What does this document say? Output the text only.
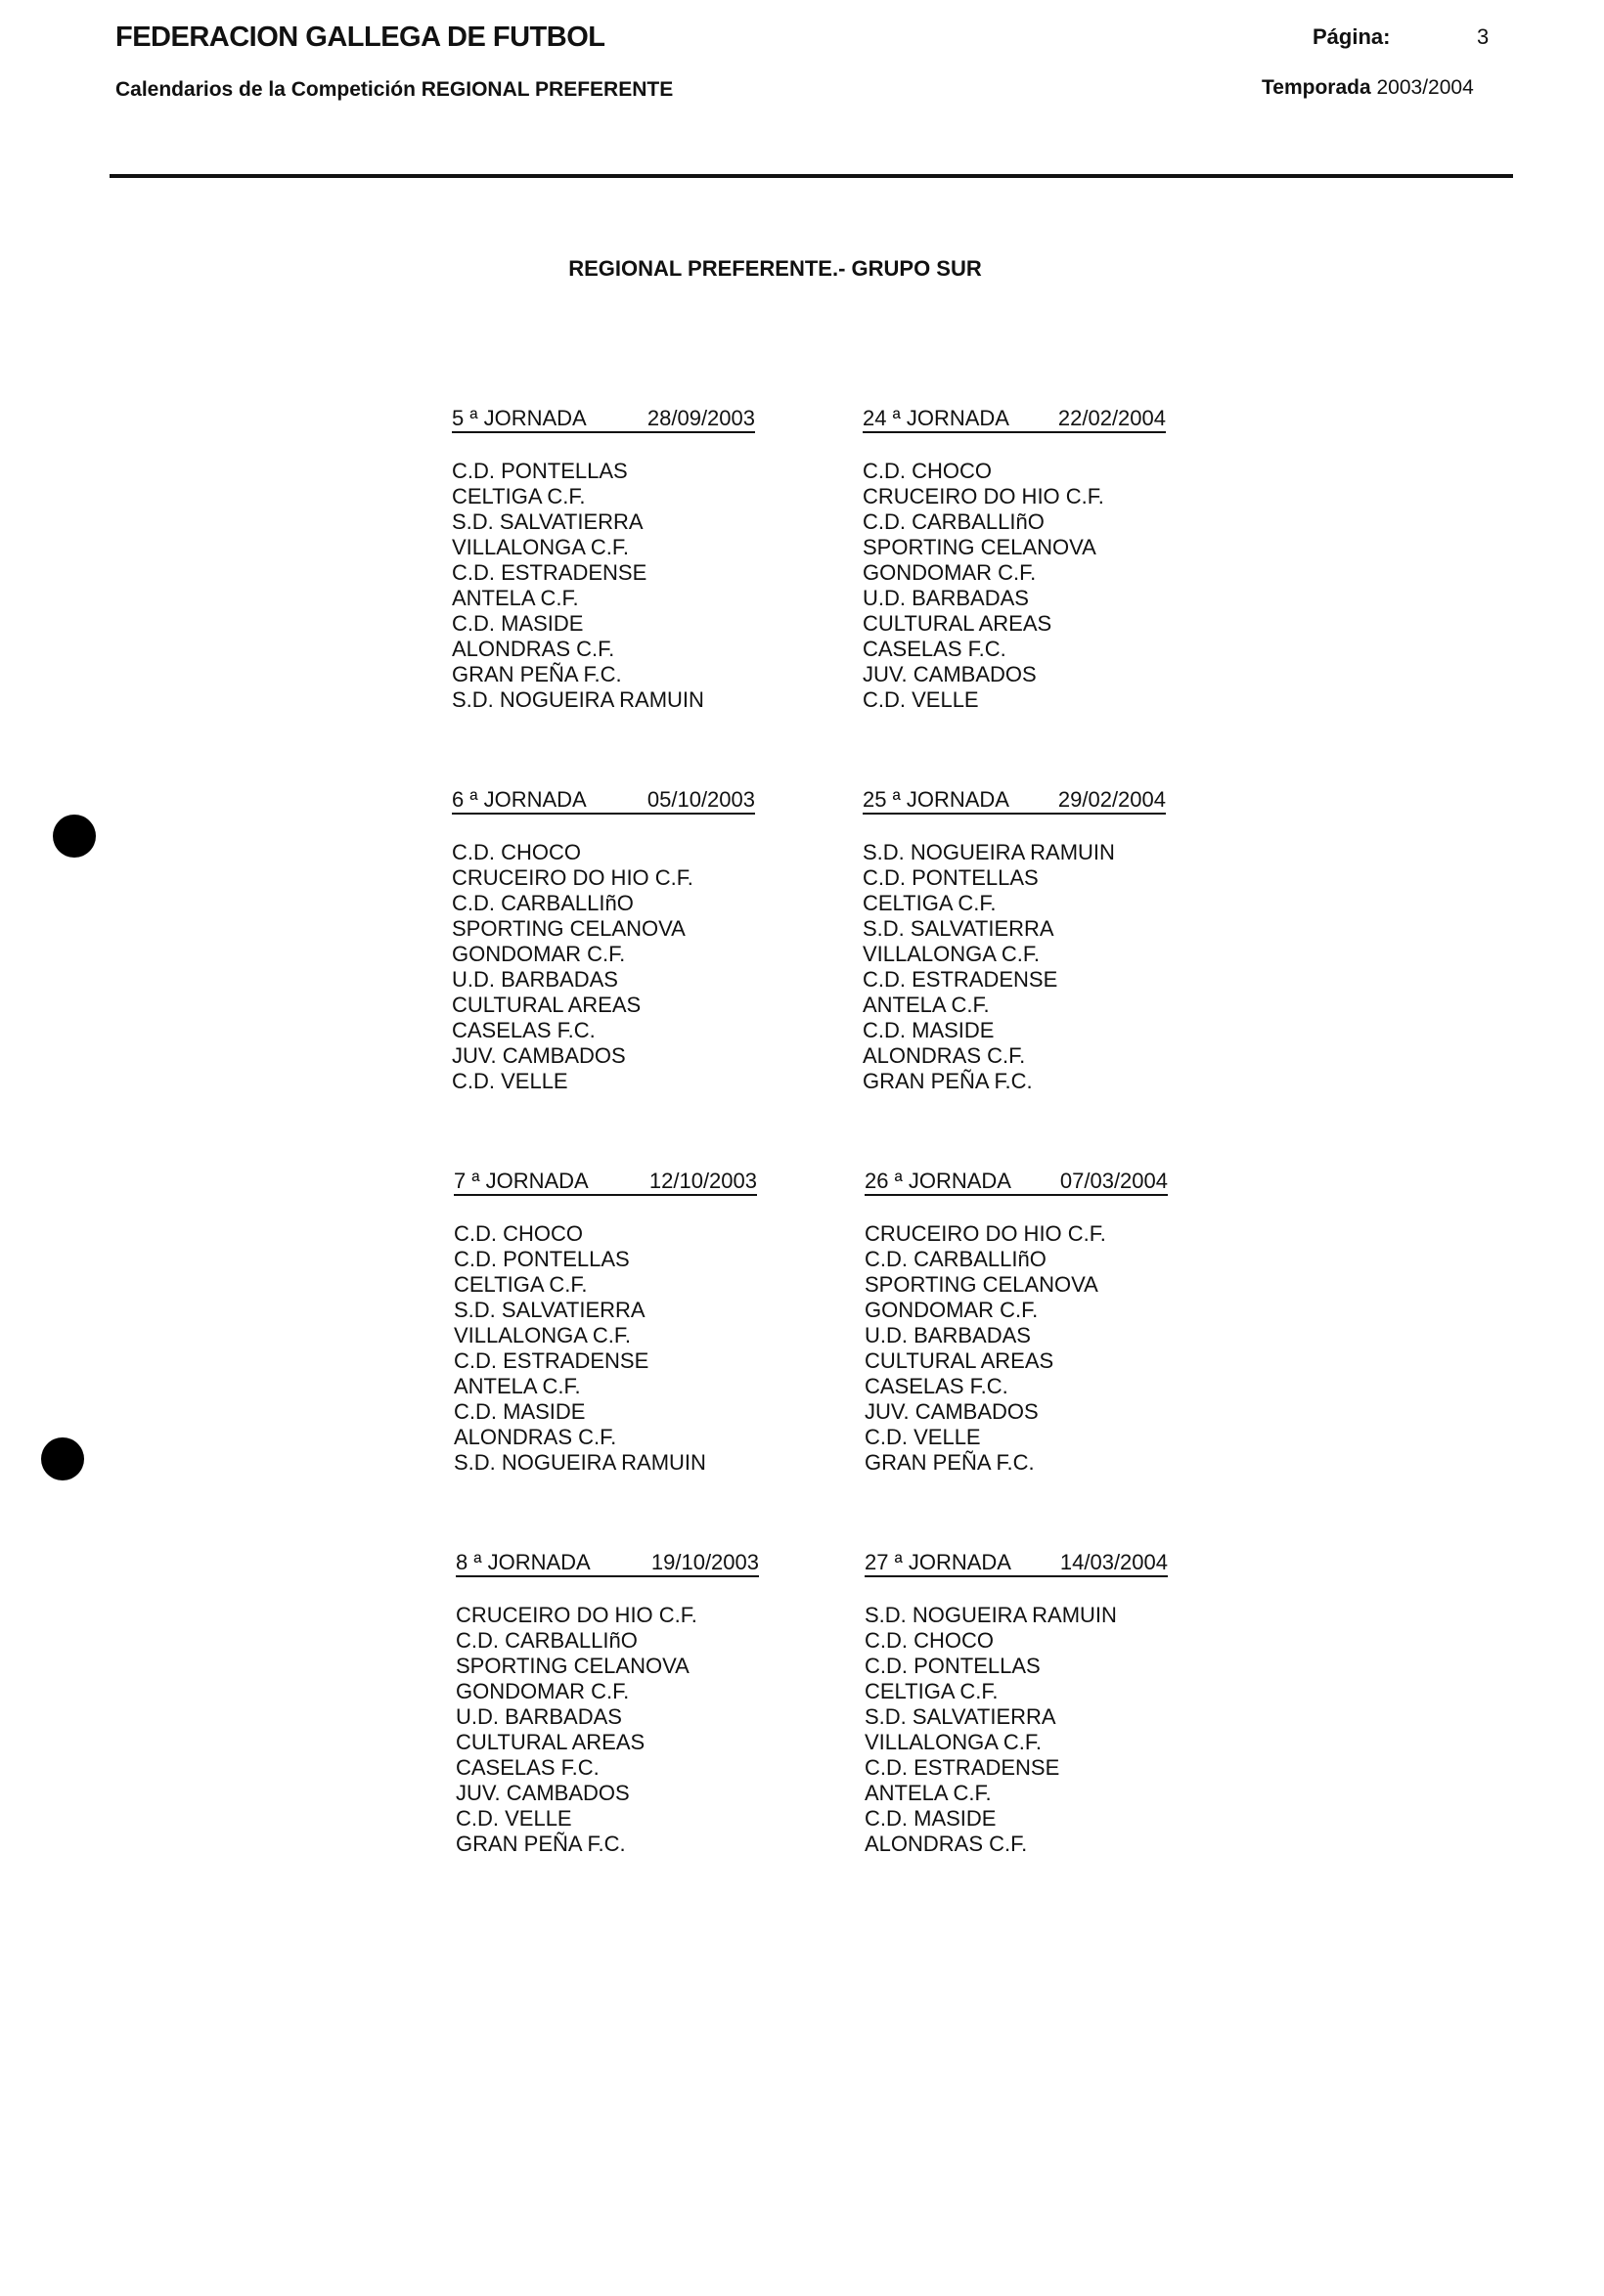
FEDERACION GALLEGA DE FUTBOL	Página:	3
Calendarios de la Competición REGIONAL PREFERENTE	Temporada 2003/2004
REGIONAL PREFERENTE.- GRUPO SUR
5 ª JORNADA	28/09/2003
C.D. PONTELLAS
CELTIGA C.F.
S.D. SALVATIERRA
VILLALONGA C.F.
C.D. ESTRADENSE
ANTELA C.F.
C.D. MASIDE
ALONDRAS C.F.
GRAN PEÑA F.C.
S.D. NOGUEIRA RAMUIN
24 ª JORNADA 22/02/2004
C.D. CHOCO
CRUCEIRO DO HIO C.F.
C.D. CARBALLIñO
SPORTING CELANOVA
GONDOMAR C.F.
U.D. BARBADAS
CULTURAL AREAS
CASELAS F.C.
JUV. CAMBADOS
C.D. VELLE
6 ª JORNADA	05/10/2003
C.D. CHOCO
CRUCEIRO DO HIO C.F.
C.D. CARBALLIñO
SPORTING CELANOVA
GONDOMAR C.F.
U.D. BARBADAS
CULTURAL AREAS
CASELAS F.C.
JUV. CAMBADOS
C.D. VELLE
25 ª JORNADA 29/02/2004
S.D. NOGUEIRA RAMUIN
C.D. PONTELLAS
CELTIGA C.F.
S.D. SALVATIERRA
VILLALONGA C.F.
C.D. ESTRADENSE
ANTELA C.F.
C.D. MASIDE
ALONDRAS C.F.
GRAN PEÑA F.C.
7 ª JORNADA	12/10/2003
C.D. CHOCO
C.D. PONTELLAS
CELTIGA C.F.
S.D. SALVATIERRA
VILLALONGA C.F.
C.D. ESTRADENSE
ANTELA C.F.
C.D. MASIDE
ALONDRAS C.F.
S.D. NOGUEIRA RAMUIN
26 ª JORNADA 07/03/2004
CRUCEIRO DO HIO C.F.
C.D. CARBALLIñO
SPORTING CELANOVA
GONDOMAR C.F.
U.D. BARBADAS
CULTURAL AREAS
CASELAS F.C.
JUV. CAMBADOS
C.D. VELLE
GRAN PEÑA F.C.
8 ª JORNADA	19/10/2003
CRUCEIRO DO HIO C.F.
C.D. CARBALLIñO
SPORTING CELANOVA
GONDOMAR C.F.
U.D. BARBADAS
CULTURAL AREAS
CASELAS F.C.
JUV. CAMBADOS
C.D. VELLE
GRAN PEÑA F.C.
27 ª JORNADA 14/03/2004
S.D. NOGUEIRA RAMUIN
C.D. CHOCO
C.D. PONTELLAS
CELTIGA C.F.
S.D. SALVATIERRA
VILLALONGA C.F.
C.D. ESTRADENSE
ANTELA C.F.
C.D. MASIDE
ALONDRAS C.F.
